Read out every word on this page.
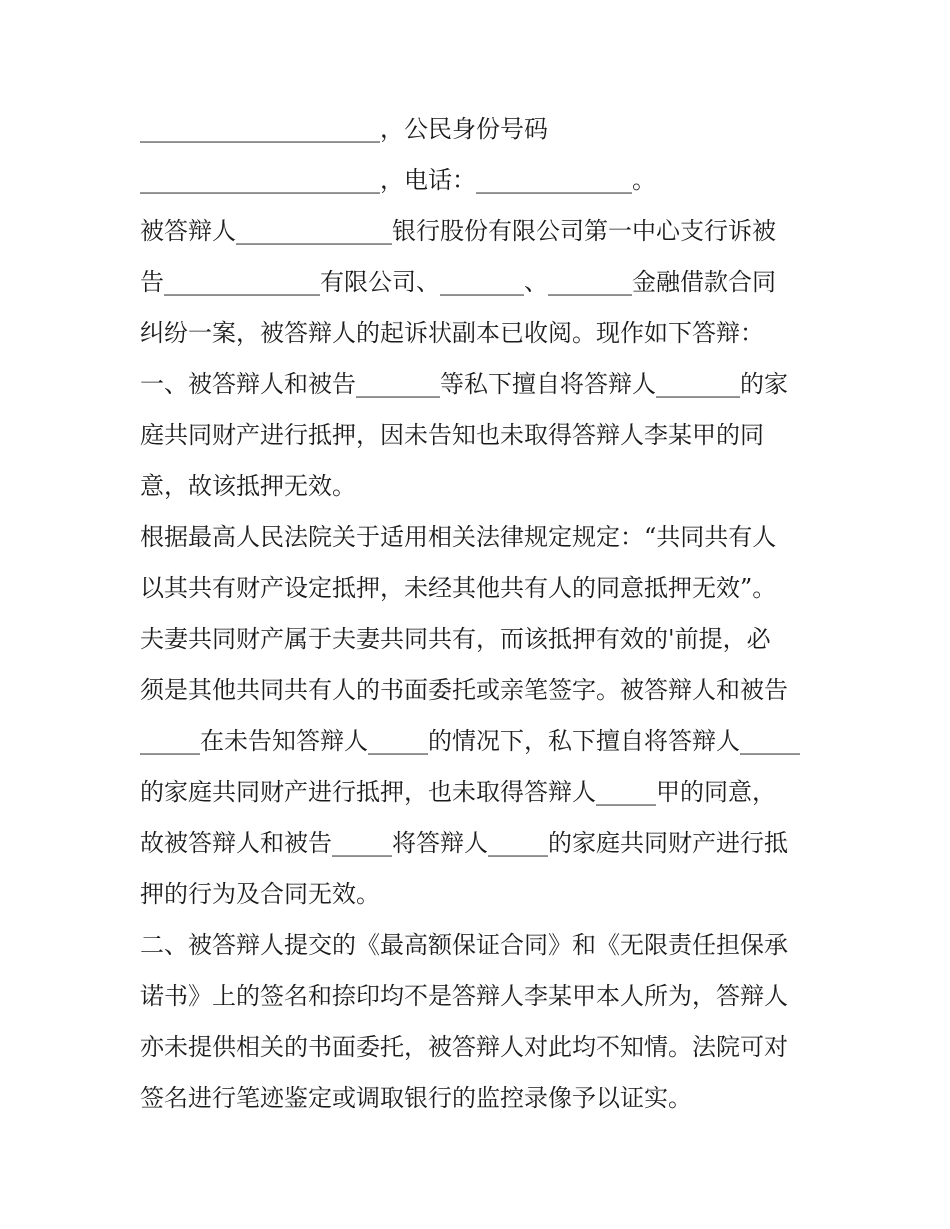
____________________，公民身份号码
____________________，电话：_____________。
被答辩人_____________银行股份有限公司第一中心支行诉被
告_____________有限公司、_______、_______金融借款合同
纠纷一案，被答辩人的起诉状副本已收阅。现作如下答辩：
一、被答辩人和被告_______等私下擅自将答辩人_______的家
庭共同财产进行抵押，因未告知也未取得答辩人李某甲的同
意，故该抵押无效。
根据最高人民法院关于适用相关法律规定规定：“共同共有人
以其共有财产设定抵押，未经其他共有人的同意抵押无效”。
夫妻共同财产属于夫妻共同共有，而该抵押有效的'前提，必
须是其他共同共有人的书面委托或亲笔签字。被答辩人和被告
_____在未告知答辩人_____的情况下，私下擅自将答辩人_____
的家庭共同财产进行抵押，也未取得答辩人_____甲的同意，
故被答辩人和被告_____将答辩人_____的家庭共同财产进行抵
押的行为及合同无效。
二、被答辩人提交的《最高额保证合同》和《无限责任担保承
诺书》上的签名和捺印均不是答辩人李某甲本人所为，答辩人
亦未提供相关的书面委托，被答辩人对此均不知情。法院可对
签名进行笔迹鉴定或调取银行的监控录像予以证实。
